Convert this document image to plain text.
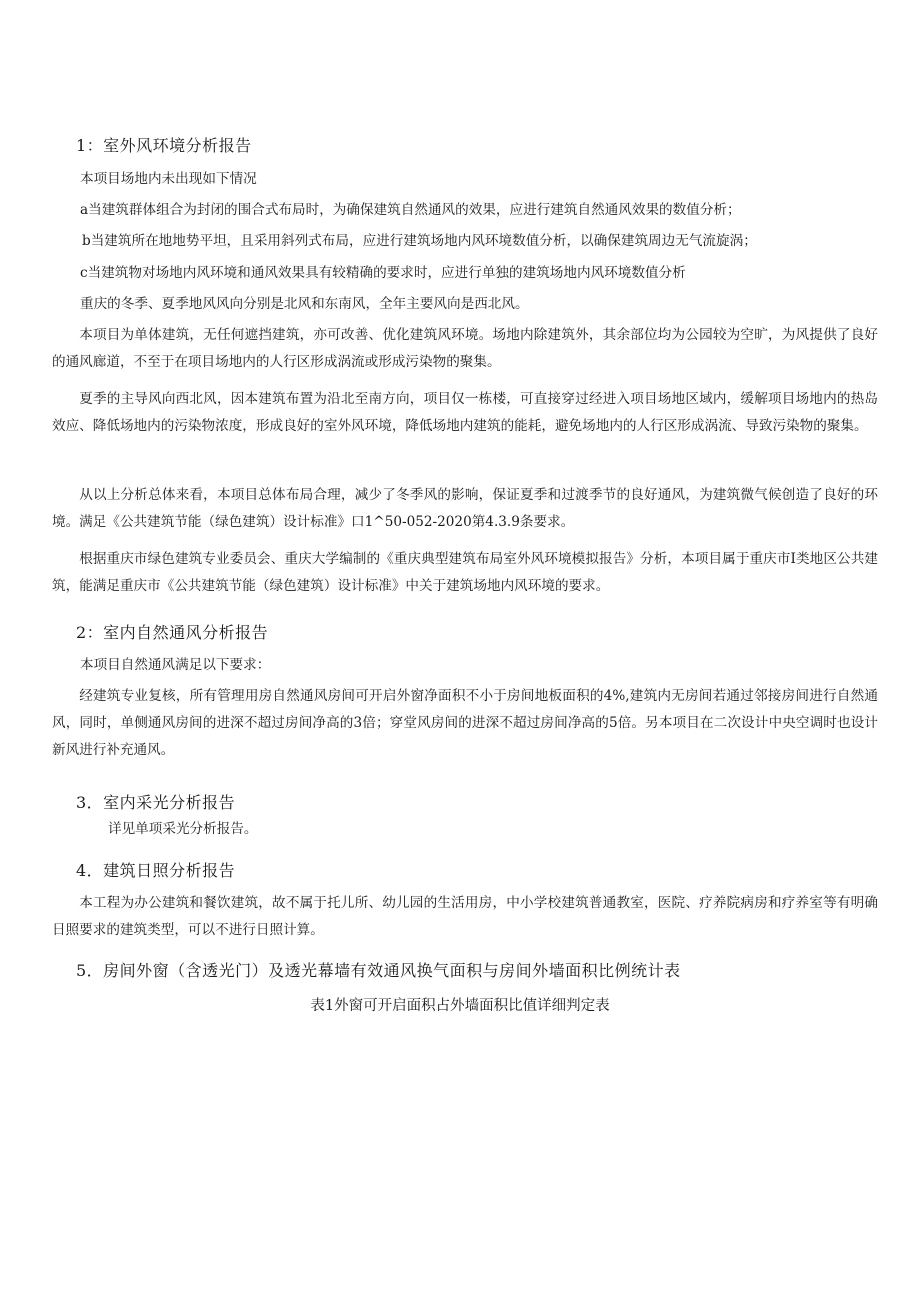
1：室外风环境分析报告
本项目场地内未出现如下情况
a当建筑群体组合为封闭的围合式布局时，为确保建筑自然通风的效果，应进行建筑自然通风效果的数值分析；
b当建筑所在地地势平坦，且采用斜列式布局，应进行建筑场地内风环境数值分析，以确保建筑周边无气流旋涡；
c当建筑物对场地内风环境和通风效果具有较精确的要求时，应进行单独的建筑场地内风环境数值分析
重庆的冬季、夏季地风风向分别是北风和东南风，全年主要风向是西北风。
本项目为单体建筑，无任何遮挡建筑，亦可改善、优化建筑风环境。场地内除建筑外，其余部位均为公园较为空旷，为风提供了良好的通风廊道，不至于在项目场地内的人行区形成涡流或形成污染物的聚集。
夏季的主导风向西北风，因本建筑布置为沿北至南方向，项目仅一栋楼，可直接穿过经进入项目场地区域内，缓解项目场地内的热岛效应、降低场地内的污染物浓度，形成良好的室外风环境，降低场地内建筑的能耗，避免场地内的人行区形成涡流、导致污染物的聚集。
从以上分析总体来看，本项目总体布局合理，减少了冬季风的影响，保证夏季和过渡季节的良好通风，为建筑微气候创造了良好的环境。满足《公共建筑节能（绿色建筑）设计标准》口1^50-052-2020第4.3.9条要求。
根据重庆市绿色建筑专业委员会、重庆大学编制的《重庆典型建筑布局室外风环境模拟报告》分析，本项目属于重庆市I类地区公共建筑，能满足重庆市《公共建筑节能（绿色建筑）设计标准》中关于建筑场地内风环境的要求。
2：室内自然通风分析报告
本项目自然通风满足以下要求：
经建筑专业复核，所有管理用房自然通风房间可开启外窗净面积不小于房间地板面积的4%,建筑内无房间若通过邻接房间进行自然通风，同时，单侧通风房间的进深不超过房间净高的3倍；穿堂风房间的进深不超过房间净高的5倍。另本项目在二次设计中央空调时也设计新风进行补充通风。
3．室内采光分析报告
详见单项采光分析报告。
4．建筑日照分析报告
本工程为办公建筑和餐饮建筑，故不属于托儿所、幼儿园的生活用房，中小学校建筑普通教室，医院、疗养院病房和疗养室等有明确日照要求的建筑类型，可以不进行日照计算。
5．房间外窗（含透光门）及透光幕墙有效通风换气面积与房间外墙面积比例统计表
表1外窗可开启面积占外墙面积比值详细判定表
